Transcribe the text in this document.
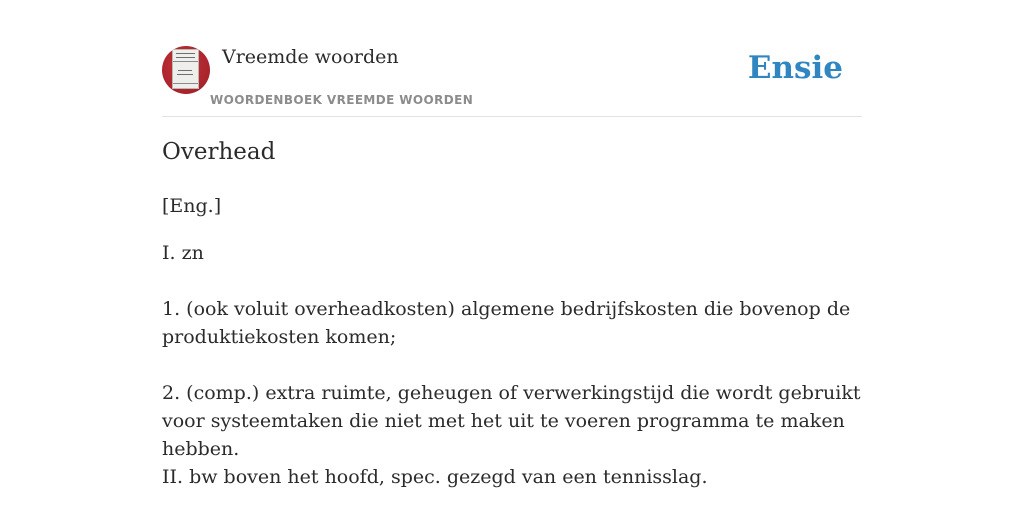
Vreemde woorden
WOORDENBOEK VREEMDE WOORDEN
Ensie
Overhead
[Eng.]
I. zn
1. (ook voluit overheadkosten) algemene bedrijfskosten die bovenop de produktiekosten komen;
2. (comp.) extra ruimte, geheugen of verwerkingstijd die wordt gebruikt voor systeemtaken die niet met het uit te voeren programma te maken hebben.
II. bw boven het hoofd, spec. gezegd van een tennisslag.
